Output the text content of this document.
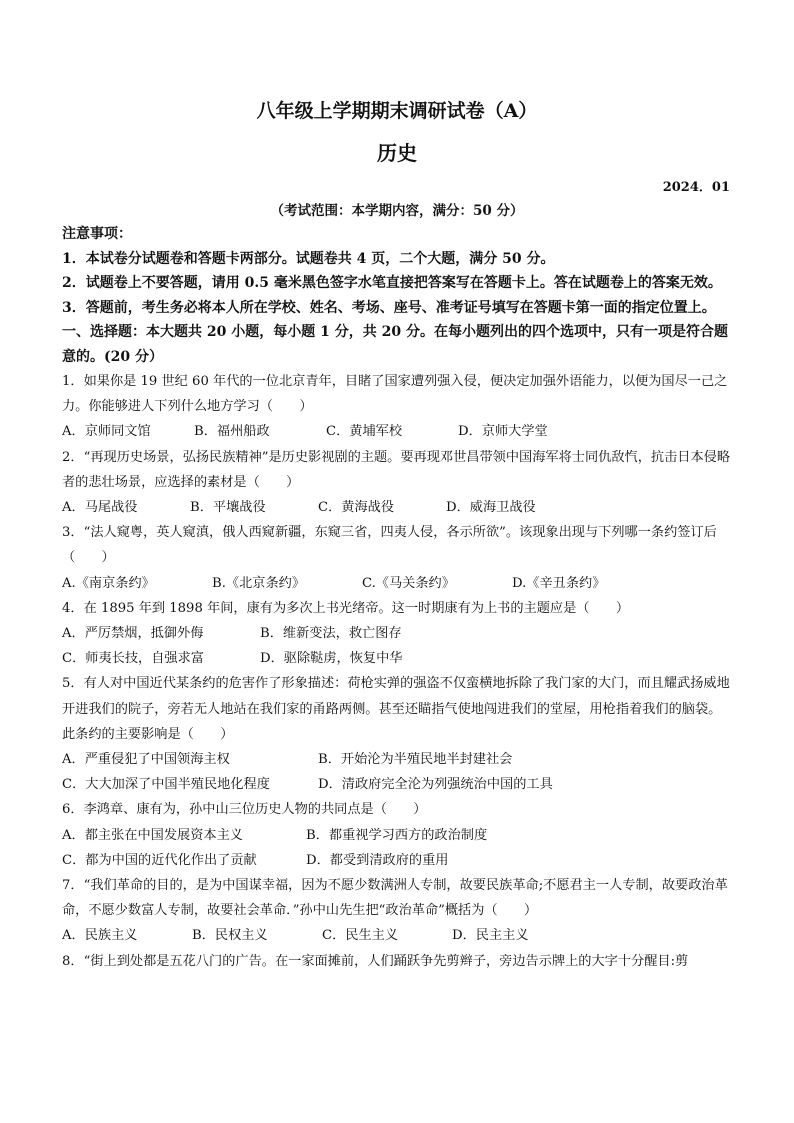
八年级上学期期末调研试卷（A）
历史
2024．01
（考试范围：本学期内容，满分：50 分）
注意事项：
1．本试卷分试题卷和答题卡两部分。试题卷共 4 页，二个大题，满分 50 分。
2．试题卷上不要答题，请用 0.5 毫米黑色签字水笔直接把答案写在答题卡上。答在试题卷上的答案无效。
3．答题前，考生务必将本人所在学校、姓名、考场、座号、准考证号填写在答题卡第一面的指定位置上。
一、选择题：本大题共 20 小题，每小题 1 分，共 20 分。在每小题列出的四个选项中，只有一项是符合题意的。(20 分）
1．如果你是 19 世纪 60 年代的一位北京青年，目睹了国家遭列强入侵，便决定加强外语能力，以便为国尽一己之力。你能够进人下列什么地方学习（　　）
A．京师同文馆	B．福州船政	C．黄埔军校	D．京师大学堂
2．“再现历史场景，弘扬民族精神”是历史影视剧的主题。要再现邓世昌带领中国海军将士同仇敌忾，抗击日本侵略者的悲壮场景，应选择的素材是（　　）
A．马尾战役	B．平壤战役	C．黄海战役	D．威海卫战役
3．“法人窥粤，英人窥滇，俄人西窥新疆，东窥三省，四夷人侵，各示所欲”。该现象出现与下列哪一条约签订后（　　）
A.《南京条约》	B.《北京条约》	C.《马关条约》	D.《辛丑条约》
4．在 1895 年到 1898 年间，康有为多次上书光绪帝。这一时期康有为上书的主题应是（　　）
A．严厉禁烟，抵御外侮	B．维新变法，救亡图存
C．师夷长技，自强求富	D．驱除鞑虏，恢复中华
5．有人对中国近代某条约的危害作了形象描述：荷枪实弹的强盗不仅蛮横地拆除了我门家的大门，而且耀武扬威地开进我们的院子，旁若无人地站在我们家的甬路两侧。甚至还瞄指气使地闯进我们的堂屋，用枪指着我们的脑袋。此条约的主要影响是（　　）
A．严重侵犯了中国领海主权	B．开始沦为半殖民地半封建社会
C．大大加深了中国半殖民地化程度	D．清政府完全沦为列强统治中国的工具
6．李鸿章、康有为，孙中山三位历史人物的共同点是（　　）
A．都主张在中国发展资本主义	B．都重视学习西方的政治制度
C．都为中国的近代化作出了贡献	D．都受到清政府的重用
7．“我们革命的目的，是为中国谋幸福，因为不愿少数满洲人专制，故要民族革命;不愿君主一人专制，故要政治革命，不愿少数富人专制，故要社会革命．”孙中山先生把“政治革命”概括为（　　）
A．民族主义	B．民权主义	C．民生主义	D．民主主义
8．“街上到处都是五花八门的广告。在一家面摊前，人们踊跃争先剪辫子，旁边告示牌上的大字十分醒目:剪
